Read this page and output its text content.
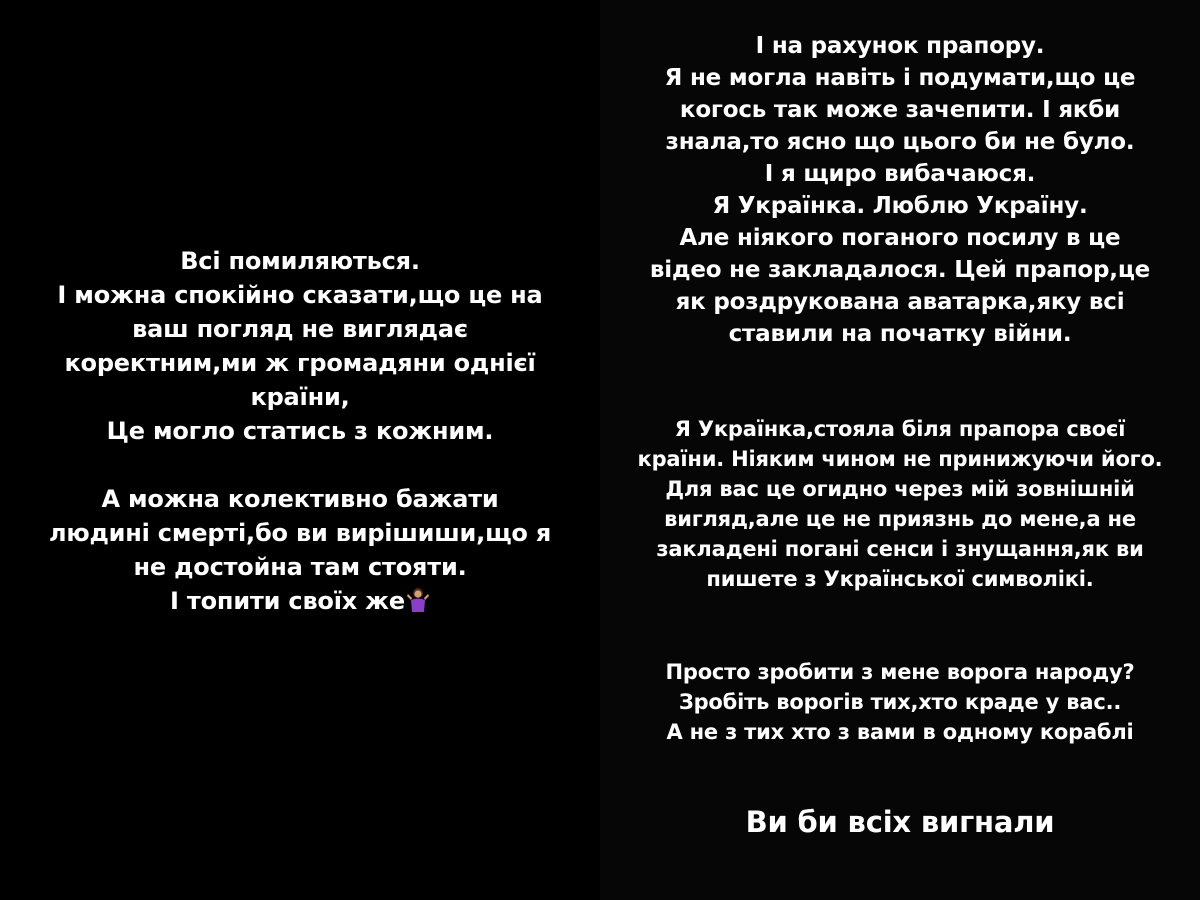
Всі помиляються.
І можна спокійно сказати,що це на
ваш погляд не виглядає
коректним,ми ж громадяни однієї
країни,
Це могло статись з кожним.
А можна колективно бажати
людині смерті,бо ви вирішиши,що я
не достойна там стояти.
І топити своїх же
І на рахунок прапору.
Я не могла навіть і подумати,що це
когось так може зачепити. І якби
знала,то ясно що цього би не було.
І я щиро вибачаюся.
Я Українка. Люблю Україну.
Але ніякого поганого посилу в це
відео не закладалося. Цей прапор,це
як роздрукована аватарка,яку всі
ставили на початку війни.
Я Українка,стояла біля прапора своєї
країни. Ніяким чином не принижуючи його.
Для вас це огидно через мій зовнішній
вигляд,але це не приязнь до мене,а не
закладені погані сенси і знущання,як ви
пишете з Української символікі.
Просто зробити з мене ворога народу?
Зробіть ворогів тих,хто краде у вас..
А не з тих хто з вами в одному кораблі
Ви би всіх вигнали
